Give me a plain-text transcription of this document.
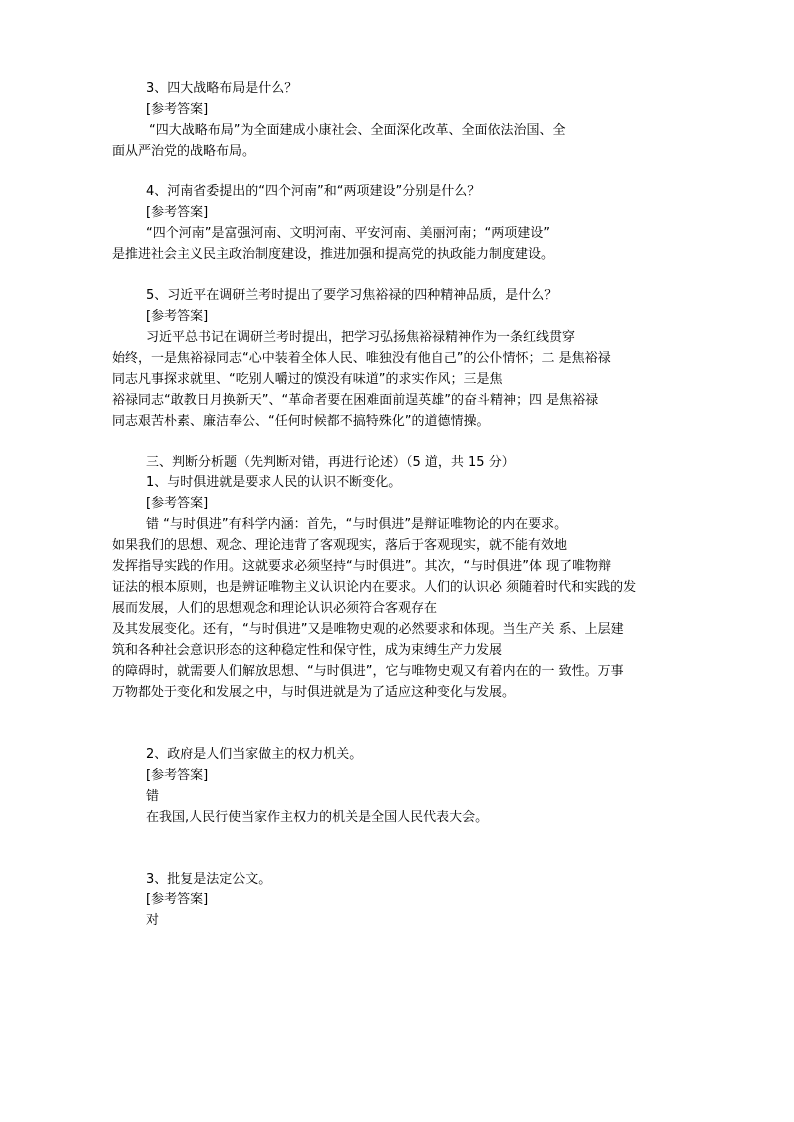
3、四大战略布局是什么？
[参考答案]
“四大战略布局”为全面建成小康社会、全面深化改革、全面依法治国、全
面从严治党的战略布局。
4、河南省委提出的“四个河南”和“两项建设”分别是什么？
[参考答案]
“四个河南”是富强河南、文明河南、平安河南、美丽河南；“两项建设”
是推进社会主义民主政治制度建设，推进加强和提高党的执政能力制度建设。
5、习近平在调研兰考时提出了要学习焦裕禄的四种精神品质，是什么？
[参考答案]
习近平总书记在调研兰考时提出，把学习弘扬焦裕禄精神作为一条红线贯穿
始终，一是焦裕禄同志“心中装着全体人民、唯独没有他自己”的公仆情怀；二 是焦裕禄
同志凡事探求就里、“吃别人嚼过的馍没有味道”的求实作风；三是焦
裕禄同志“敢教日月换新天”、“革命者要在困难面前逞英雄”的奋斗精神；四 是焦裕禄
同志艰苦朴素、廉洁奉公、“任何时候都不搞特殊化”的道德情操。
三、判断分析题（先判断对错，再进行论述）（5 道，共 15 分）
1、与时俱进就是要求人民的认识不断变化。
[参考答案]
错 “与时俱进”有科学内涵：首先，“与时俱进”是辩证唯物论的内在要求。
如果我们的思想、观念、理论违背了客观现实，落后于客观现实，就不能有效地
发挥指导实践的作用。这就要求必须坚持“与时俱进”。其次，“与时俱进”体 现了唯物辩
证法的根本原则，也是辨证唯物主义认识论内在要求。人们的认识必 须随着时代和实践的发
展而发展，人们的思想观念和理论认识必须符合客观存在
及其发展变化。还有，“与时俱进”又是唯物史观的必然要求和体现。当生产关 系、上层建
筑和各种社会意识形态的这种稳定性和保守性，成为束缚生产力发展
的障碍时，就需要人们解放思想、“与时俱进”，它与唯物史观又有着内在的一 致性。万事
万物都处于变化和发展之中，与时俱进就是为了适应这种变化与发展。
2、政府是人们当家做主的权力机关。
[参考答案]
错
在我国,人民行使当家作主权力的机关是全国人民代表大会。
3、批复是法定公文。
[参考答案]
对
